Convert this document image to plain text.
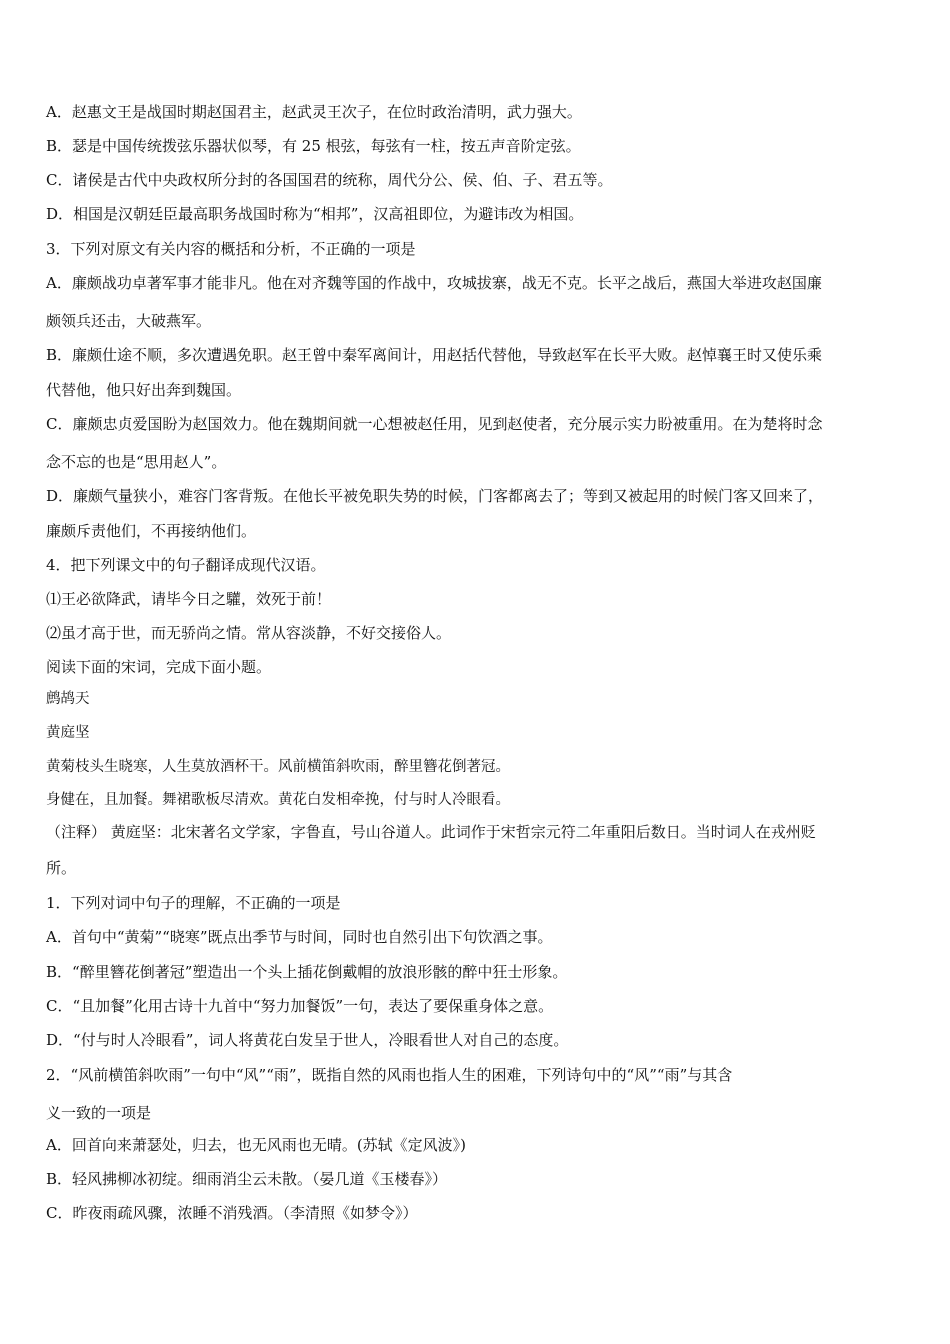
A．赵惠文王是战国时期赵国君主，赵武灵王次子，在位时政治清明，武力强大。
B．瑟是中国传统拨弦乐器状似琴，有 25 根弦，每弦有一柱，按五声音阶定弦。
C．诸侯是古代中央政权所分封的各国国君的统称，周代分公、侯、伯、子、君五等。
D．相国是汉朝廷臣最高职务战国时称为“相邦”，汉高祖即位，为避讳改为相国。
3．下列对原文有关内容的概括和分析，不正确的一项是
A．廉颇战功卓著军事才能非凡。他在对齐魏等国的作战中，攻城拔寨，战无不克。长平之战后，燕国大举进攻赵国廉
颇领兵还击，大破燕军。
B．廉颇仕途不顺，多次遭遇免职。赵王曾中秦军离间计，用赵括代替他，导致赵军在长平大败。赵悼襄王时又使乐乘
代替他，他只好出奔到魏国。
C．廉颇忠贞爱国盼为赵国效力。他在魏期间就一心想被赵任用，见到赵使者，充分展示实力盼被重用。在为楚将时念
念不忘的也是“思用赵人”。
D．廉颇气量狭小，难容门客背叛。在他长平被免职失势的时候，门客都离去了；等到又被起用的时候门客又回来了，
廉颇斥责他们，不再接纳他们。
4．把下列课文中的句子翻译成现代汉语。
⑴王必欲降武，请毕今日之驩，效死于前！
⑵虽才高于世，而无骄尚之情。常从容淡静，不好交接俗人。
阅读下面的宋词，完成下面小题。
鹧鸪天
黄庭坚
黄菊枝头生晓寒，人生莫放酒杯干。风前横笛斜吹雨，醉里簪花倒著冠。
身健在，且加餐。舞裙歌板尽清欢。黄花白发相牵挽，付与时人冷眼看。
（注释） 黄庭坚：北宋著名文学家，字鲁直，号山谷道人。此词作于宋哲宗元符二年重阳后数日。当时词人在戎州贬
所。
1．下列对词中句子的理解，不正确的一项是
A．首句中“黄菊”“晓寒”既点出季节与时间，同时也自然引出下句饮酒之事。
B．“醉里簪花倒著冠”塑造出一个头上插花倒戴帽的放浪形骸的醉中狂士形象。
C．“且加餐”化用古诗十九首中“努力加餐饭”一句，表达了要保重身体之意。
D．“付与时人冷眼看”，词人将黄花白发呈于世人，冷眼看世人对自己的态度。
2．“风前横笛斜吹雨”一句中“风”“雨”，既指自然的风雨也指人生的困难，下列诗句中的“风”“雨”与其含
义一致的一项是
A．回首向来萧瑟处，归去，也无风雨也无晴。(苏轼《定风波》)
B．轻风拂柳冰初绽。细雨消尘云未散。（晏几道《玉楼春》）
C．昨夜雨疏风骤，浓睡不消残酒。（李清照《如梦令》）
